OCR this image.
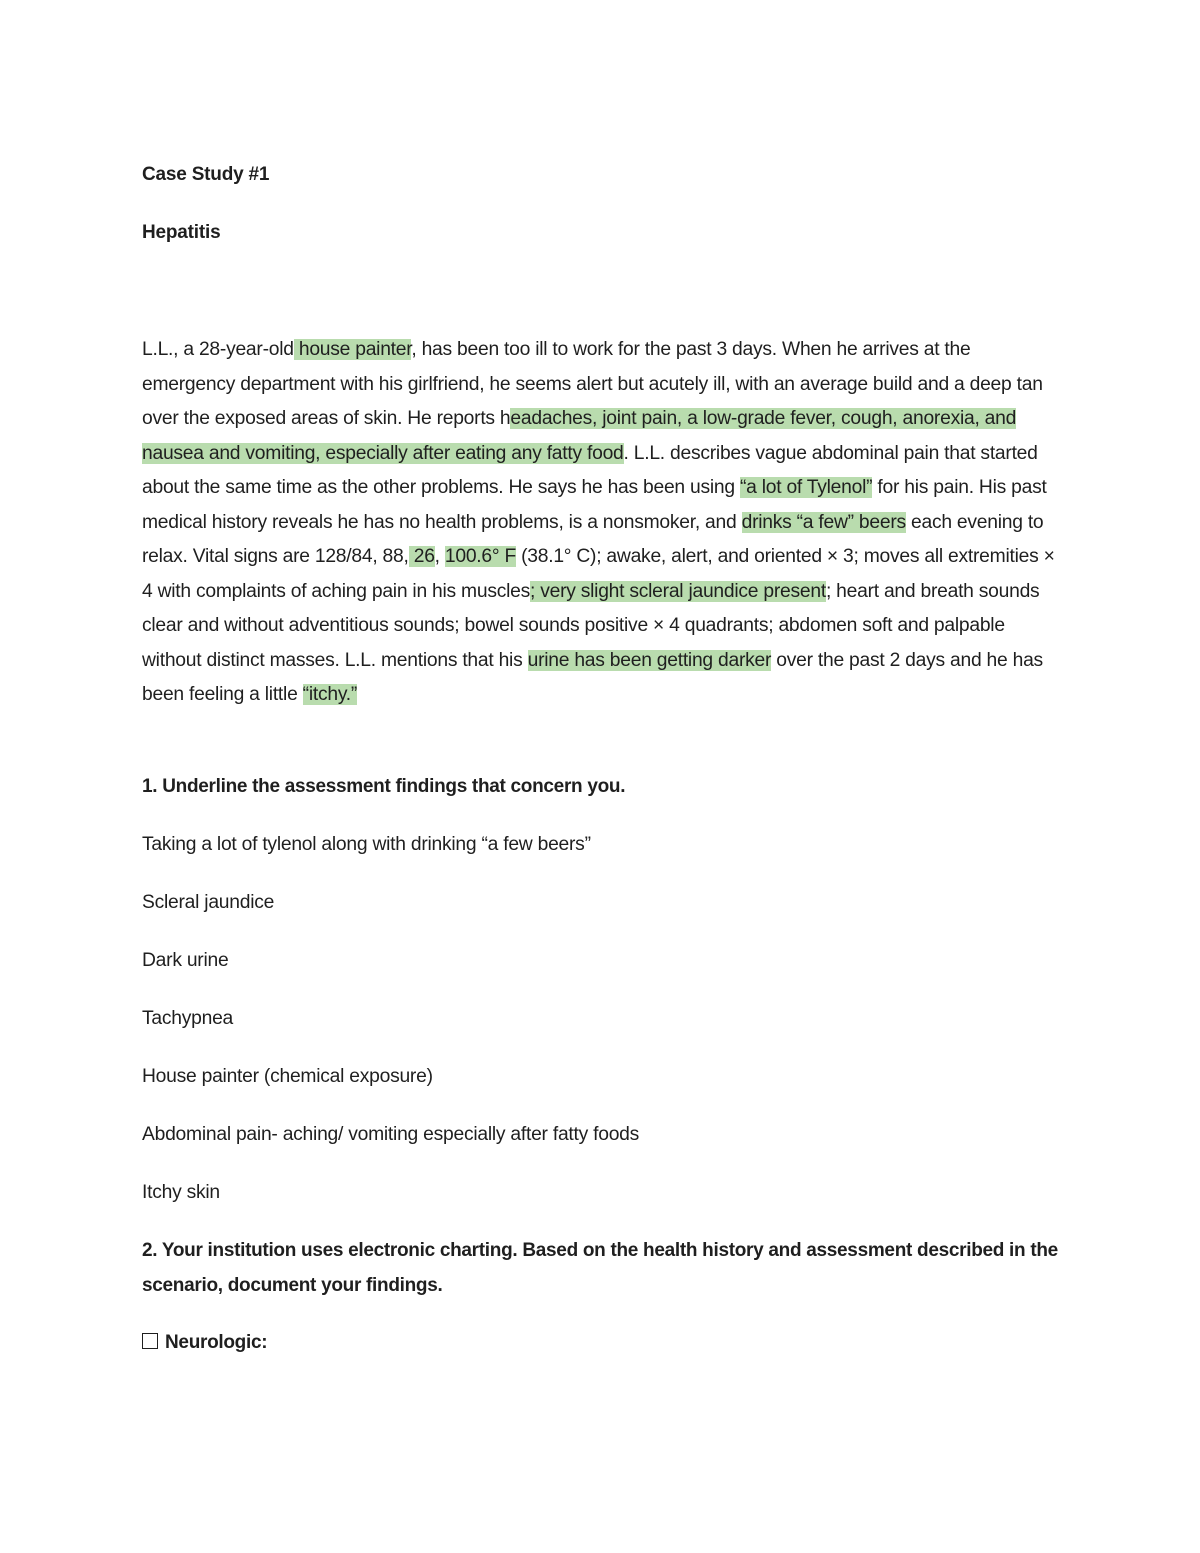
Case Study #1
Hepatitis

L.L., a 28-year-old house painter, has been too ill to work for the past 3 days. When he arrives at the emergency department with his girlfriend, he seems alert but acutely ill, with an average build and a deep tan over the exposed areas of skin. He reports headaches, joint pain, a low-grade fever, cough, anorexia, and nausea and vomiting, especially after eating any fatty food. L.L. describes vague abdominal pain that started about the same time as the other problems. He says he has been using “a lot of Tylenol” for his pain. His past medical history reveals he has no health problems, is a nonsmoker, and drinks “a few” beers each evening to relax. Vital signs are 128/84, 88, 26, 100.6° F (38.1° C); awake, alert, and oriented × 3; moves all extremities × 4 with complaints of aching pain in his muscles; very slight scleral jaundice present; heart and breath sounds clear and without adventitious sounds; bowel sounds positive × 4 quadrants; abdomen soft and palpable without distinct masses. L.L. mentions that his urine has been getting darker over the past 2 days and he has been feeling a little “itchy.”

1. Underline the assessment findings that concern you.

Taking a lot of tylenol along with drinking “a few beers”
Scleral jaundice
Dark urine
Tachypnea
House painter (chemical exposure)
Abdominal pain- aching/ vomiting especially after fatty foods
Itchy skin

2. Your institution uses electronic charting. Based on the health history and assessment described in the scenario, document your findings.

Neurologic:
